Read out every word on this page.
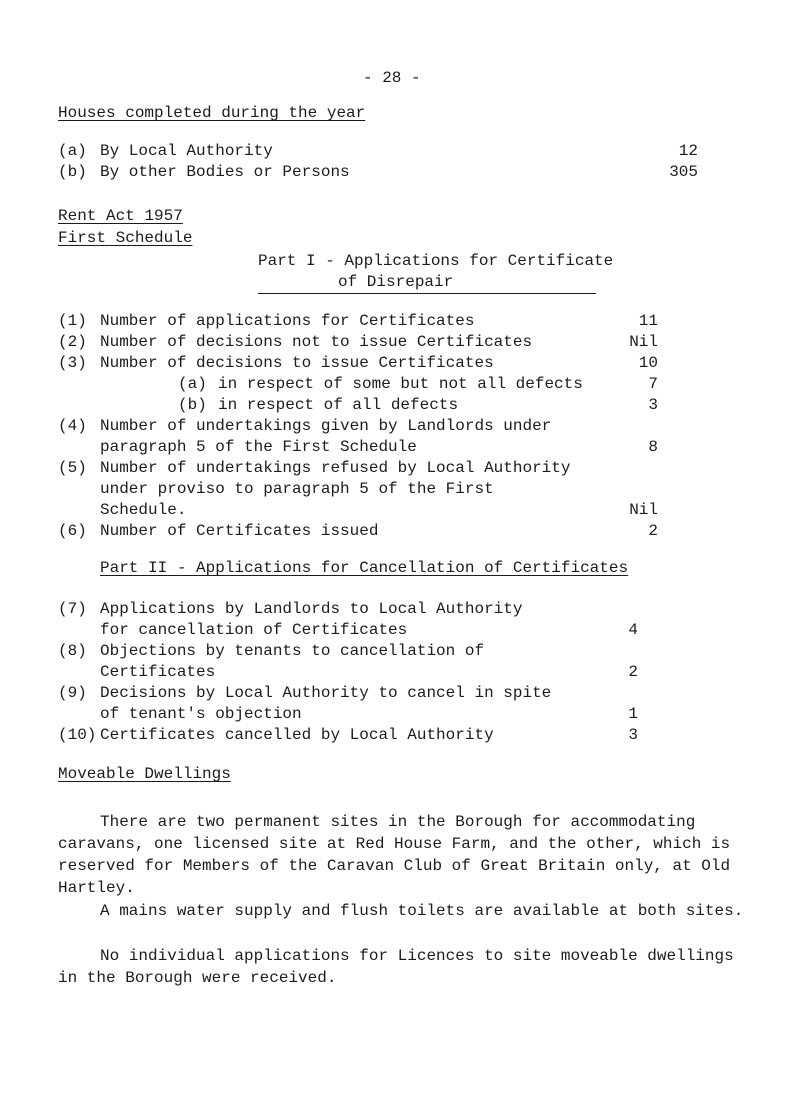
- 28 -
Houses completed during the year
(a) By Local Authority	12
(b) By other Bodies or Persons	305
Rent Act 1957
First Schedule
Part I - Applications for Certificate
of Disrepair
(1) Number of applications for Certificates	11
(2) Number of decisions not to issue Certificates	Nil
(3) Number of decisions to issue Certificates	10
(a) in respect of some but not all defects	7
(b) in respect of all defects	3
(4) Number of undertakings given by Landlords under
paragraph 5 of the First Schedule	8
(5) Number of undertakings refused by Local Authority
under proviso to paragraph 5 of the First
Schedule.	Nil
(6) Number of Certificates issued	2
Part II - Applications for Cancellation of Certificates
(7) Applications by Landlords to Local Authority
for cancellation of Certificates	4
(8) Objections by tenants to cancellation of
Certificates	2
(9) Decisions by Local Authority to cancel in spite
of tenant's objection	1
(10) Certificates cancelled by Local Authority	3
Moveable Dwellings
There are two permanent sites in the Borough for accommodating caravans, one licensed site at Red House Farm, and the other, which is reserved for Members of the Caravan Club of Great Britain only, at Old Hartley.
A mains water supply and flush toilets are available at both sites.
No individual applications for Licences to site moveable dwellings in the Borough were received.
